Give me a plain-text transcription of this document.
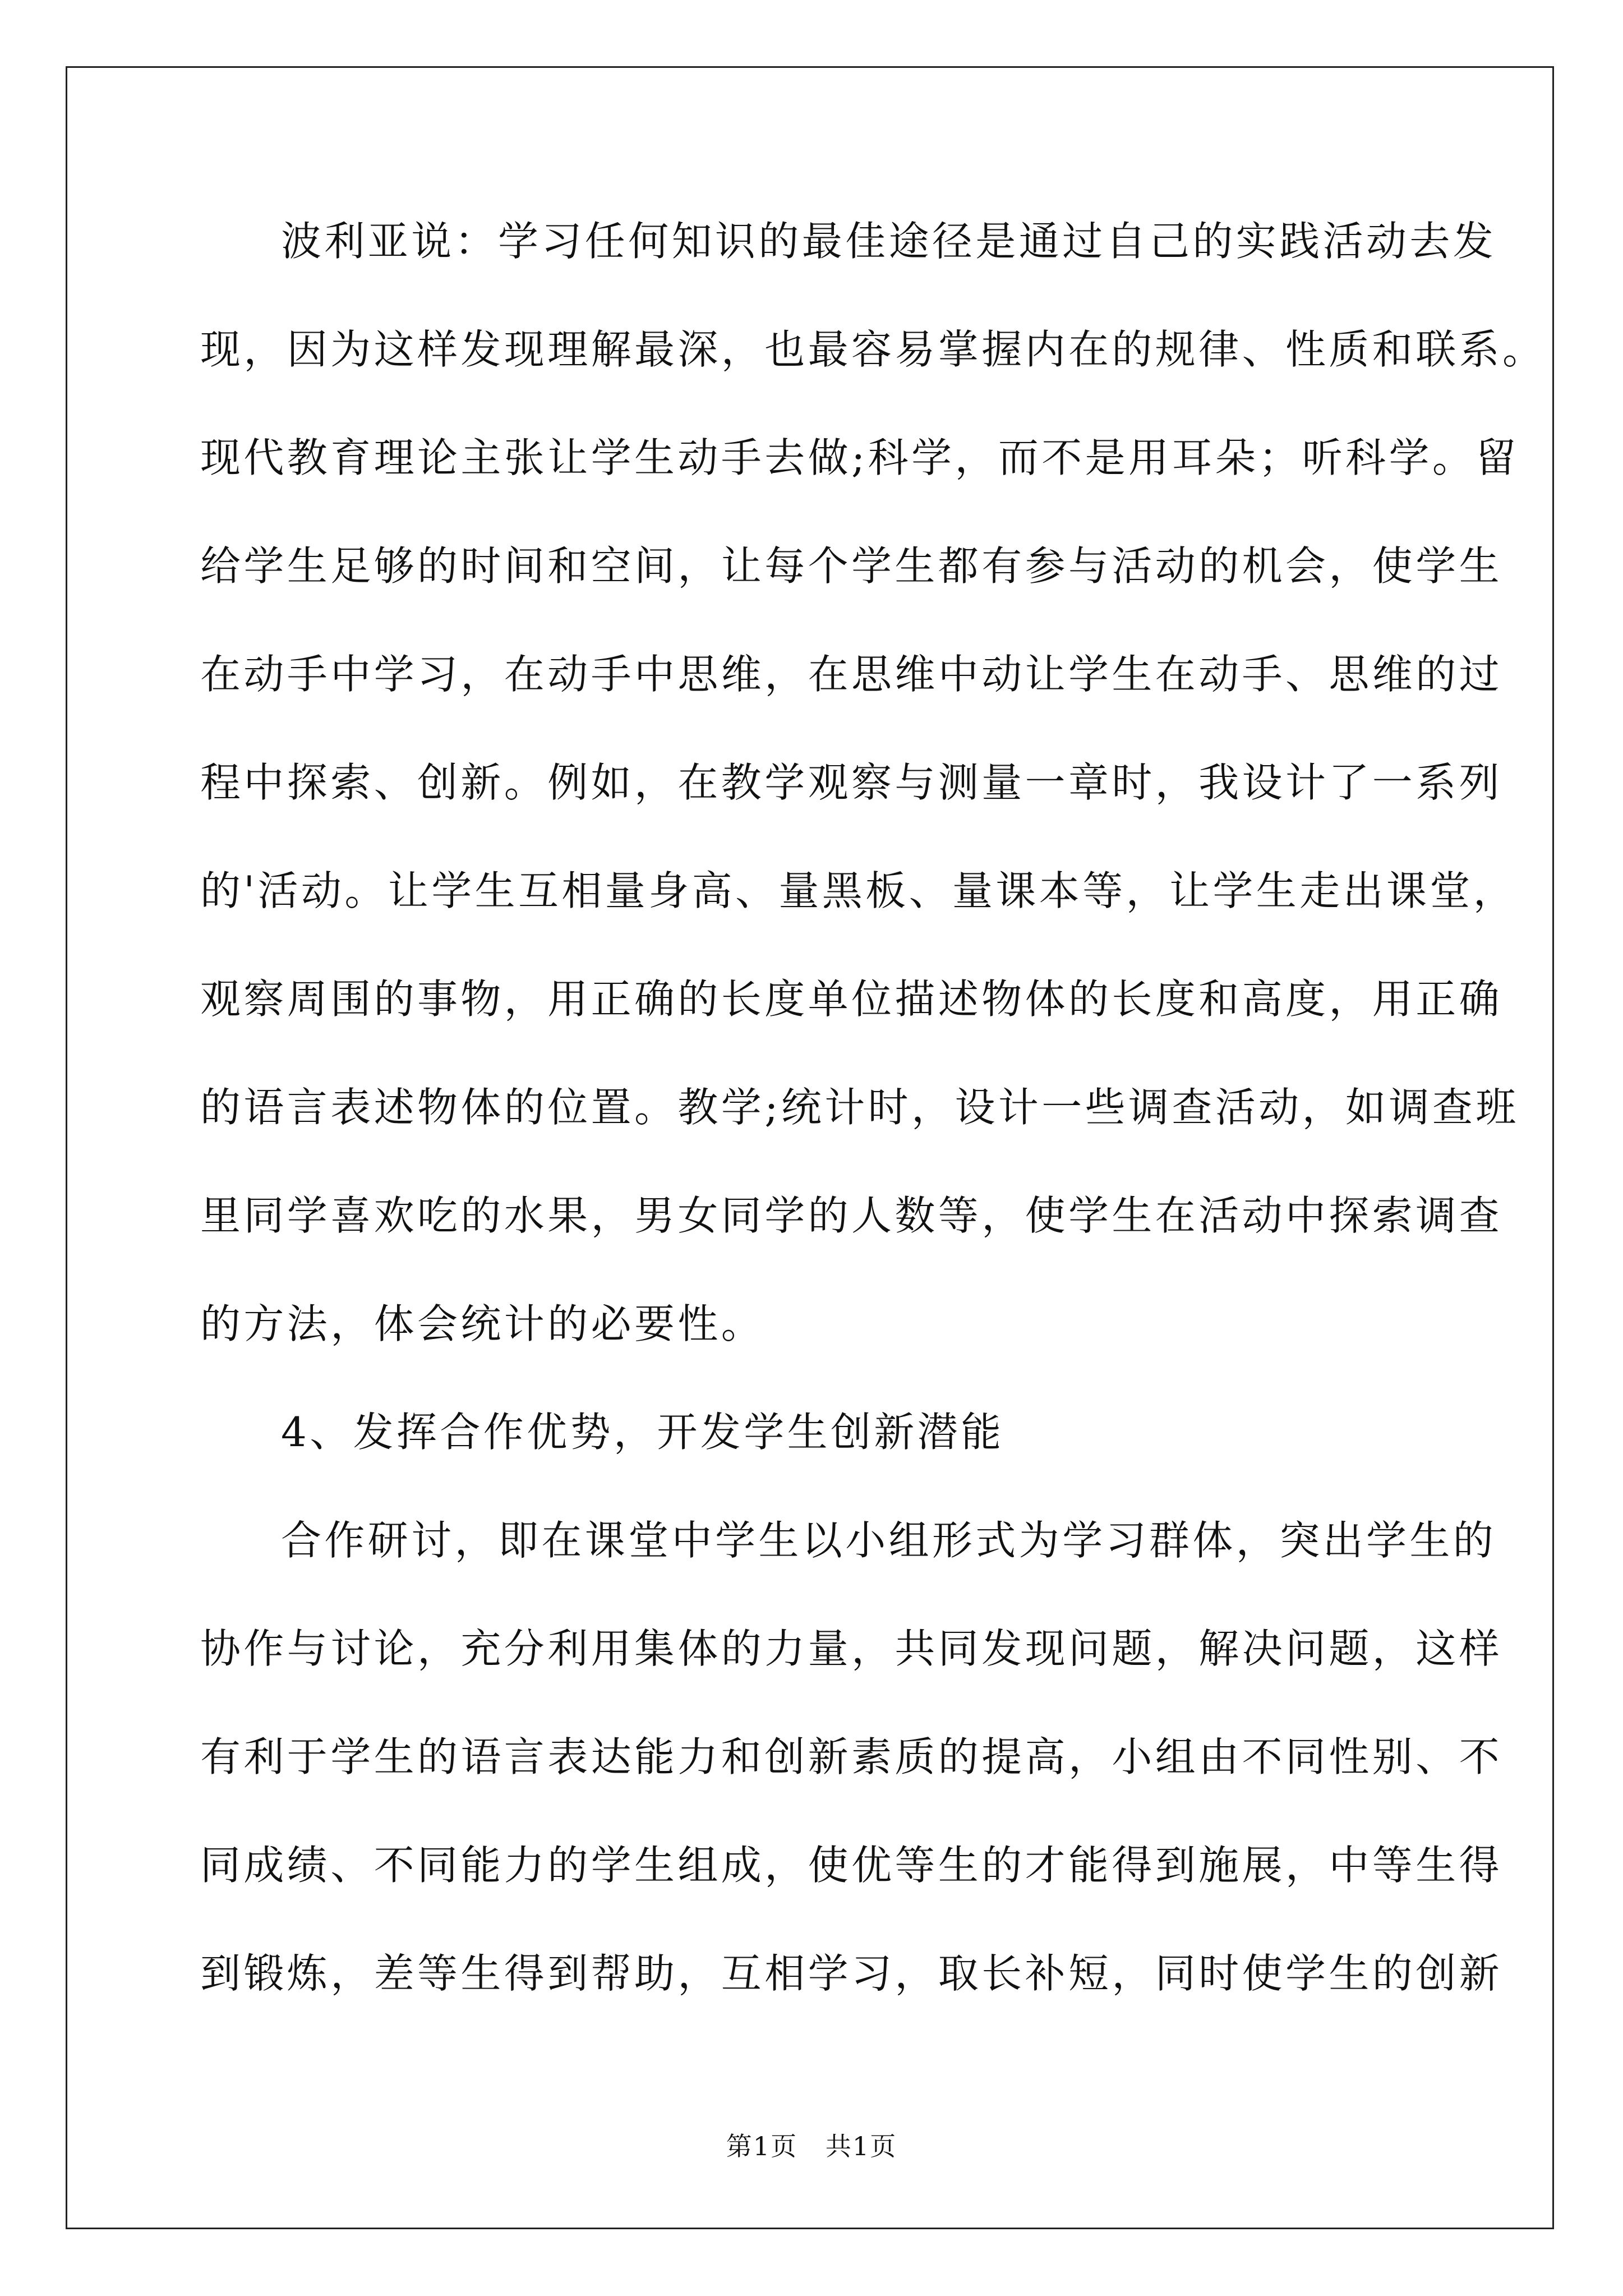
波利亚说：学习任何知识的最佳途径是通过自己的实践活动去发
现，因为这样发现理解最深，也最容易掌握内在的规律、性质和联系。
现代教育理论主张让学生动手去做;科学，而不是用耳朵；听科学。留
给学生足够的时间和空间，让每个学生都有参与活动的机会，使学生
在动手中学习，在动手中思维，在思维中动让学生在动手、思维的过
程中探索、创新。例如，在教学观察与测量一章时，我设计了一系列
的'活动。让学生互相量身高、量黑板、量课本等，让学生走出课堂，
观察周围的事物，用正确的长度单位描述物体的长度和高度，用正确
的语言表述物体的位置。教学;统计时，设计一些调查活动，如调查班
里同学喜欢吃的水果，男女同学的人数等，使学生在活动中探索调查
的方法，体会统计的必要性。
4、发挥合作优势，开发学生创新潜能
合作研讨，即在课堂中学生以小组形式为学习群体，突出学生的
协作与讨论，充分利用集体的力量，共同发现问题，解决问题，这样
有利于学生的语言表达能力和创新素质的提高，小组由不同性别、不
同成绩、不同能力的学生组成，使优等生的才能得到施展，中等生得
到锻炼，差等生得到帮助，互相学习，取长补短，同时使学生的创新
第1页   共1页
